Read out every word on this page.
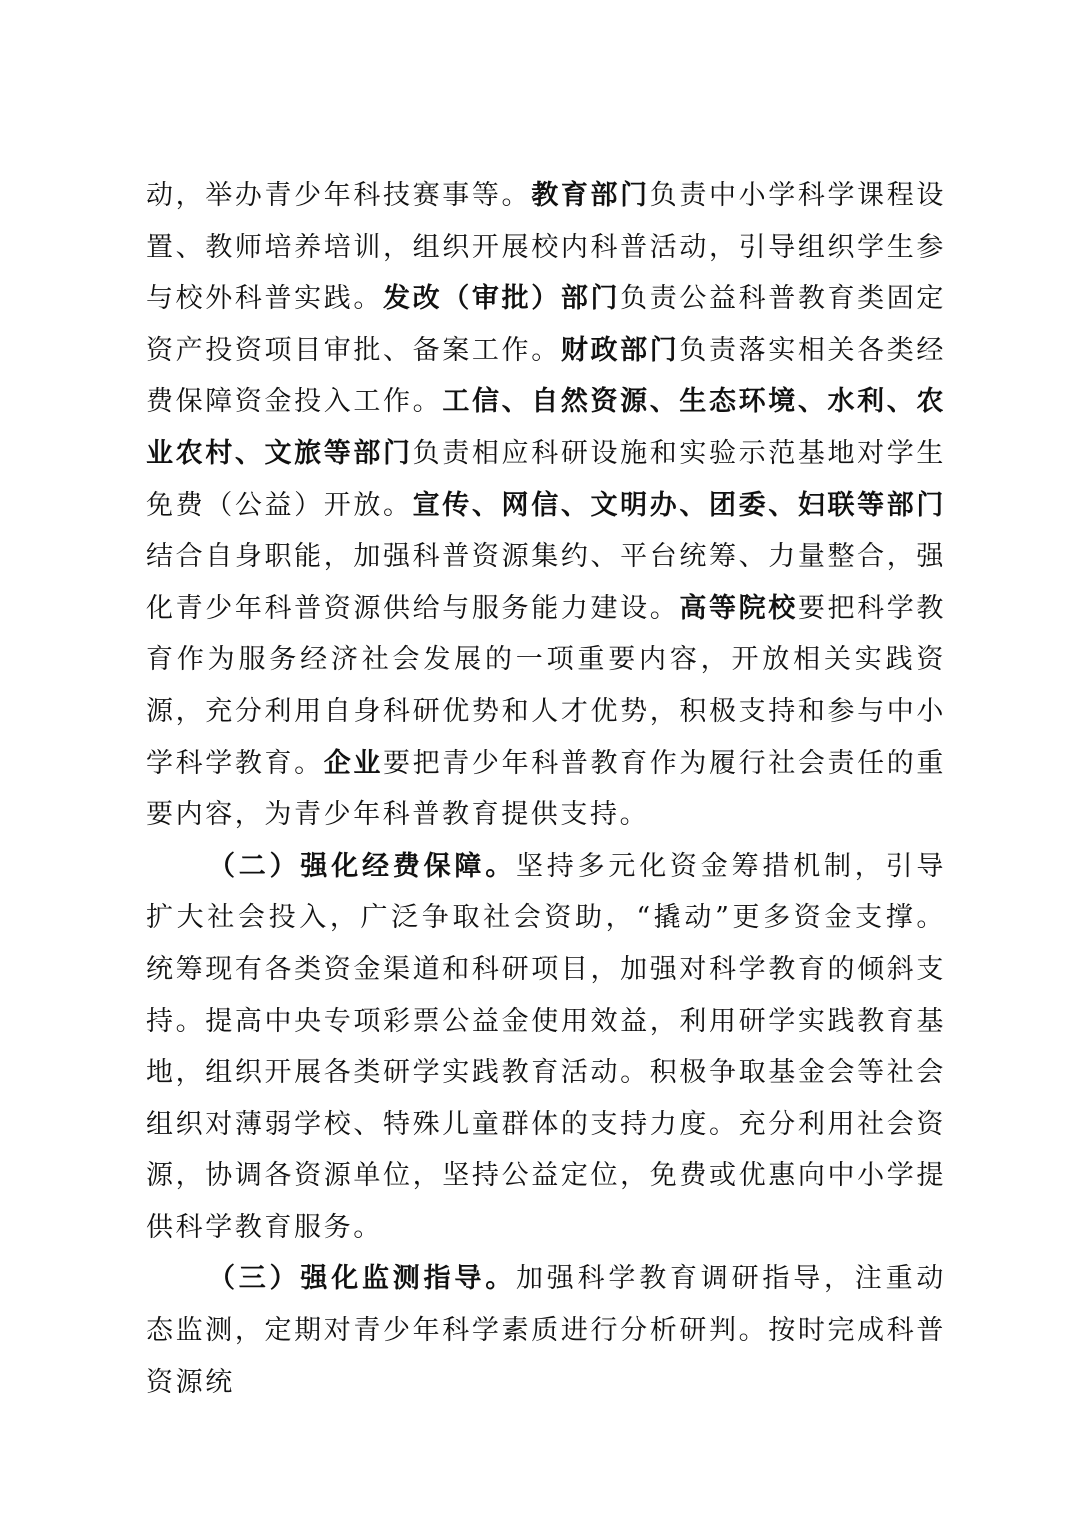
动，举办青少年科技赛事等。教育部门负责中小学科学课程设置、教师培养培训，组织开展校内科普活动，引导组织学生参与校外科普实践。发改（审批）部门负责公益科普教育类固定资产投资项目审批、备案工作。财政部门负责落实相关各类经费保障资金投入工作。工信、自然资源、生态环境、水利、农业农村、文旅等部门负责相应科研设施和实验示范基地对学生免费（公益）开放。宣传、网信、文明办、团委、妇联等部门结合自身职能，加强科普资源集约、平台统筹、力量整合，强化青少年科普资源供给与服务能力建设。高等院校要把科学教育作为服务经济社会发展的一项重要内容，开放相关实践资源，充分利用自身科研优势和人才优势，积极支持和参与中小学科学教育。企业要把青少年科普教育作为履行社会责任的重要内容，为青少年科普教育提供支持。

（二）强化经费保障。坚持多元化资金筹措机制，引导扩大社会投入，广泛争取社会资助，“撬动”更多资金支撑。统筹现有各类资金渠道和科研项目，加强对科学教育的倾斜支持。提高中央专项彩票公益金使用效益，利用研学实践教育基地，组织开展各类研学实践教育活动。积极争取基金会等社会组织对薄弱学校、特殊儿童群体的支持力度。充分利用社会资源，协调各资源单位，坚持公益定位，免费或优惠向中小学提供科学教育服务。

（三）强化监测指导。加强科学教育调研指导，注重动态监测，定期对青少年科学素质进行分析研判。按时完成科普资源统
